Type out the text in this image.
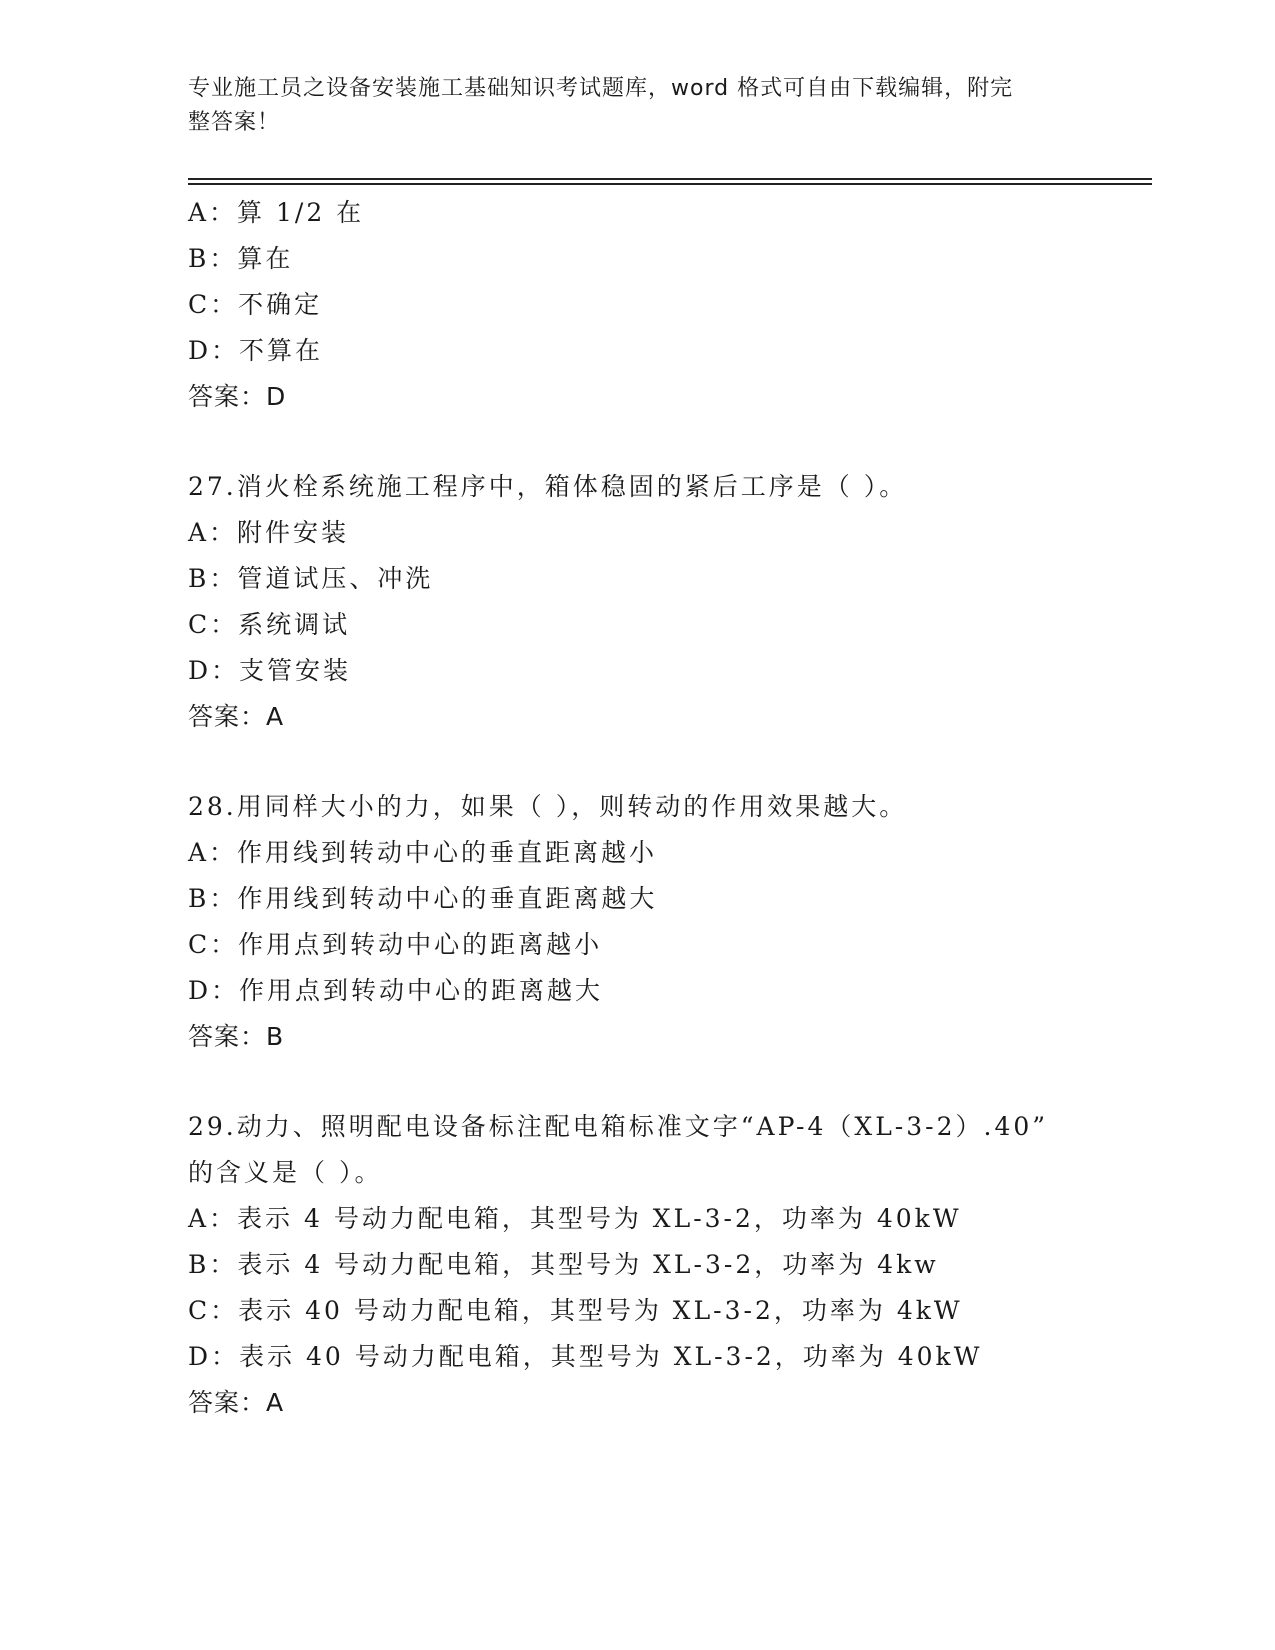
专业施工员之设备安装施工基础知识考试题库，word 格式可自由下载编辑，附完
整答案！
A：算 1/2 在
B：算在
C：不确定
D：不算在
答案：D
27.消火栓系统施工程序中，箱体稳固的紧后工序是（ ）。
A：附件安装
B：管道试压、冲洗
C：系统调试
D：支管安装
答案：A
28.用同样大小的力，如果（ ），则转动的作用效果越大。
A：作用线到转动中心的垂直距离越小
B：作用线到转动中心的垂直距离越大
C：作用点到转动中心的距离越小
D：作用点到转动中心的距离越大
答案：B
29.动力、照明配电设备标注配电箱标准文字“AP-4（XL-3-2）.40”
的含义是（ ）。
A：表示 4 号动力配电箱，其型号为 XL-3-2，功率为 40kW
B：表示 4 号动力配电箱，其型号为 XL-3-2，功率为 4kw
C：表示 40 号动力配电箱，其型号为 XL-3-2，功率为 4kW
D：表示 40 号动力配电箱，其型号为 XL-3-2，功率为 40kW
答案：A
